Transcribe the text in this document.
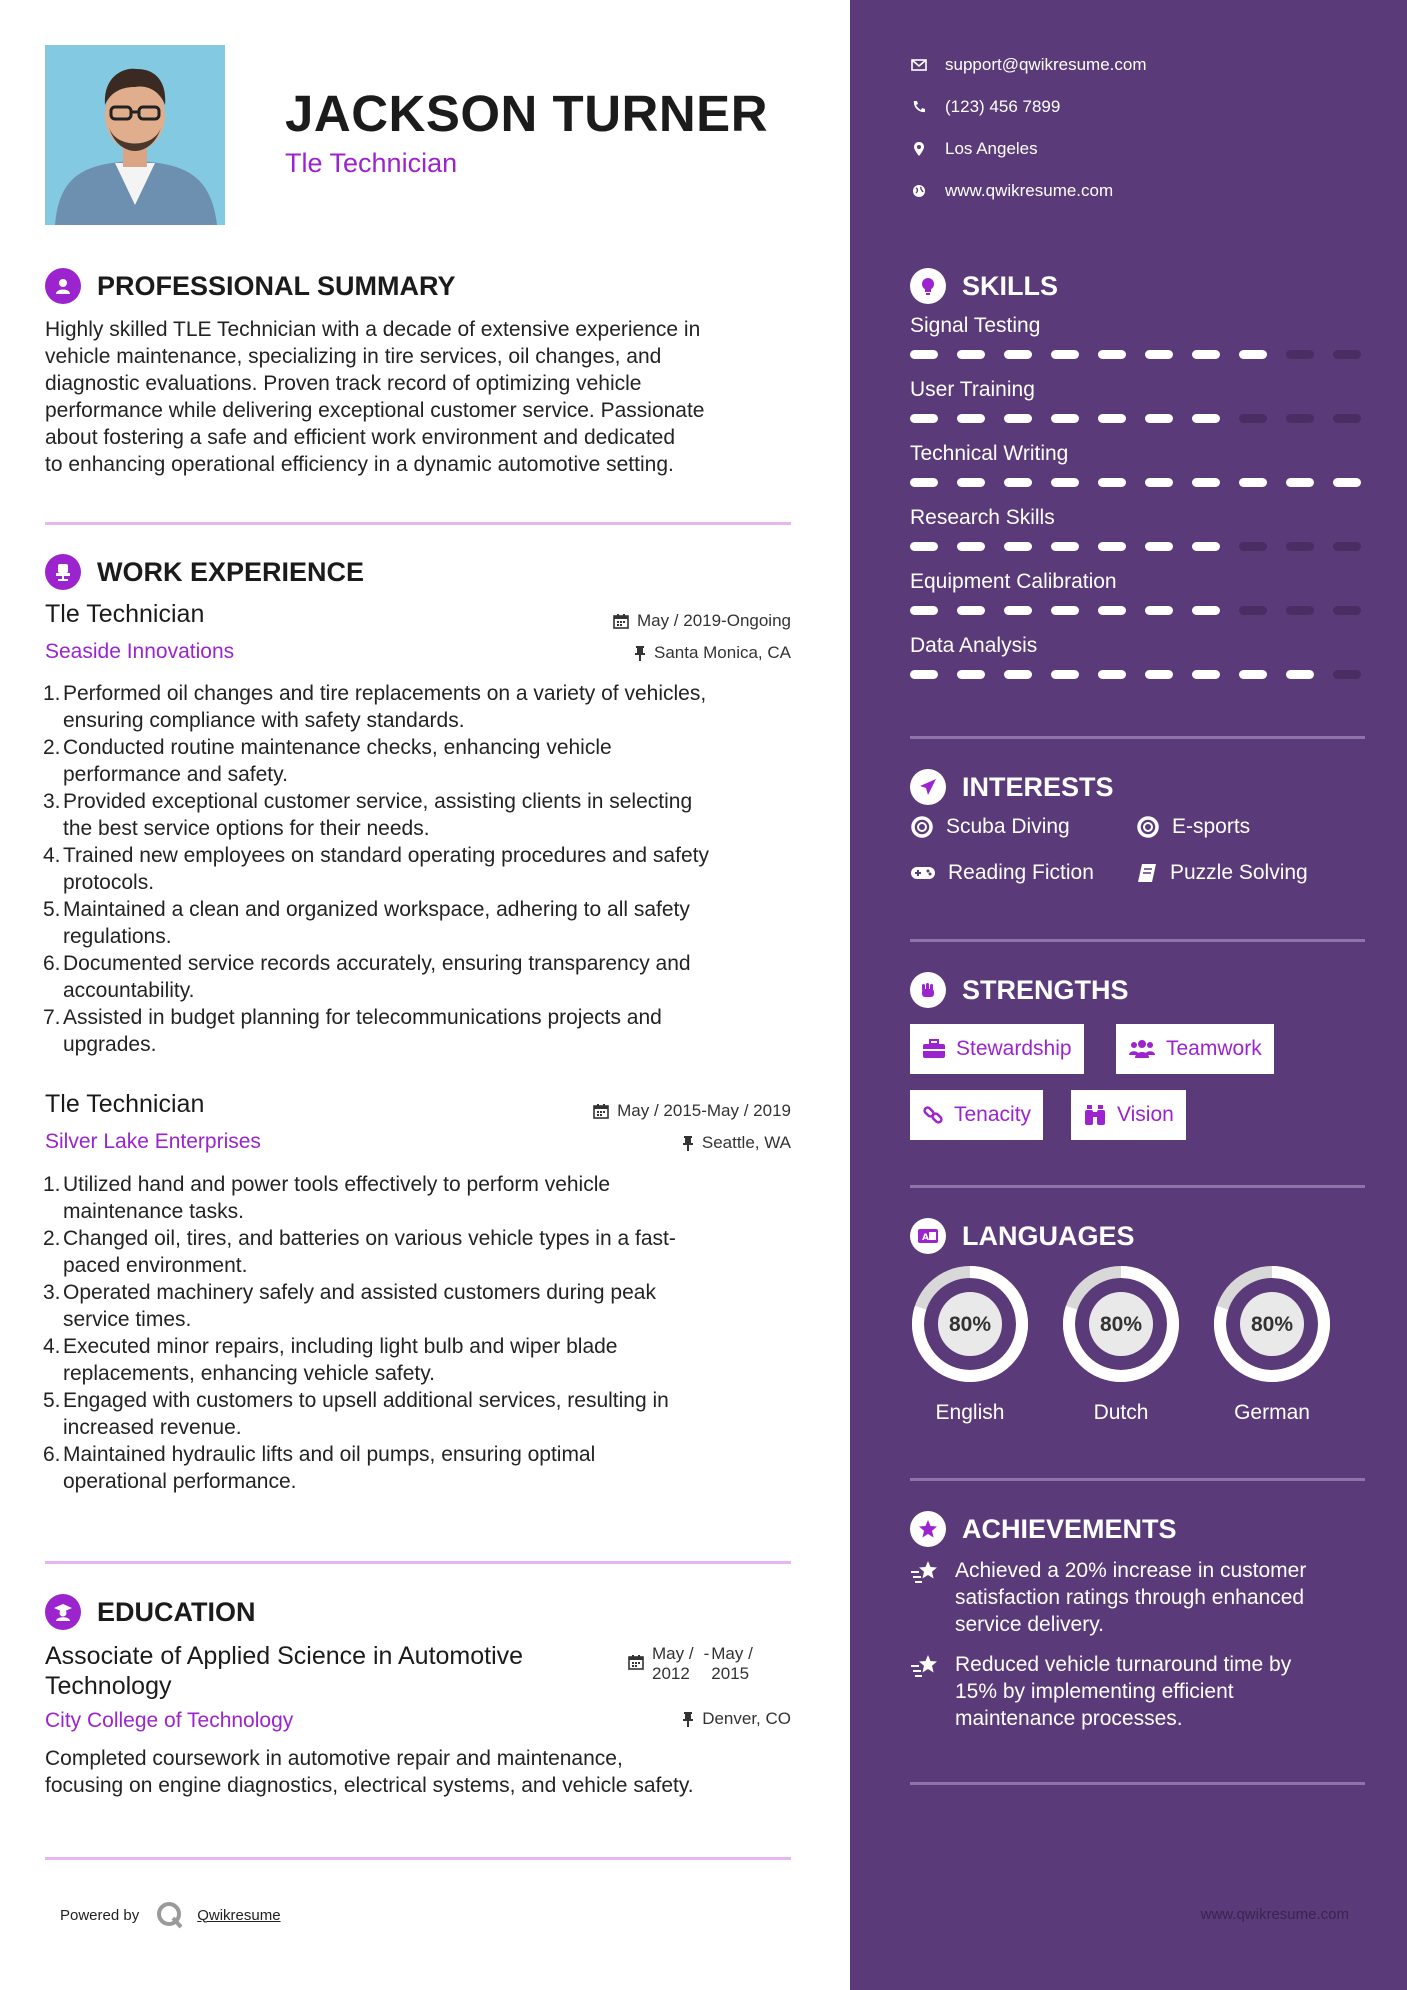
JACKSON TURNER
Tle Technician
PROFESSIONAL SUMMARY
Highly skilled TLE Technician with a decade of extensive experience in
vehicle maintenance, specializing in tire services, oil changes, and
diagnostic evaluations. Proven track record of optimizing vehicle
performance while delivering exceptional customer service. Passionate
about fostering a safe and efficient work environment and dedicated
to enhancing operational efficiency in a dynamic automotive setting.
WORK EXPERIENCE
Tle Technician	May / 2019-Ongoing
Seaside Innovations	Santa Monica, CA
1. Performed oil changes and tire replacements on a variety of vehicles,
ensuring compliance with safety standards.
2. Conducted routine maintenance checks, enhancing vehicle
performance and safety.
3. Provided exceptional customer service, assisting clients in selecting
the best service options for their needs.
4. Trained new employees on standard operating procedures and safety
protocols.
5. Maintained a clean and organized workspace, adhering to all safety
regulations.
6. Documented service records accurately, ensuring transparency and
accountability.
7. Assisted in budget planning for telecommunications projects and
upgrades.
Tle Technician	May / 2015-May / 2019
Silver Lake Enterprises	Seattle, WA
1. Utilized hand and power tools effectively to perform vehicle
maintenance tasks.
2. Changed oil, tires, and batteries on various vehicle types in a fast-
paced environment.
3. Operated machinery safely and assisted customers during peak
service times.
4. Executed minor repairs, including light bulb and wiper blade
replacements, enhancing vehicle safety.
5. Engaged with customers to upsell additional services, resulting in
increased revenue.
6. Maintained hydraulic lifts and oil pumps, ensuring optimal
operational performance.
EDUCATION
Associate of Applied Science in Automotive
Technology
May /
2012
- May /
2015
City College of Technology	Denver, CO
Completed coursework in automotive repair and maintenance,
focusing on engine diagnostics, electrical systems, and vehicle safety.
Powered by	Qwikresume
support@qwikresume.com
(123) 456 7899
Los Angeles
www.qwikresume.com
SKILLS
Signal Testing
User Training
Technical Writing
Research Skills
Equipment Calibration
Data Analysis
INTERESTS
Scuba Diving	E-sports
Reading Fiction	Puzzle Solving
STRENGTHS
Stewardship	Teamwork
Tenacity	Vision
A LANGUAGES
80%
English
80%
Dutch
80%
German
ACHIEVEMENTS
Achieved a 20% increase in customer
satisfaction ratings through enhanced
service delivery.
Reduced vehicle turnaround time by
15% by implementing efficient
maintenance processes.
www.qwikresume.com
